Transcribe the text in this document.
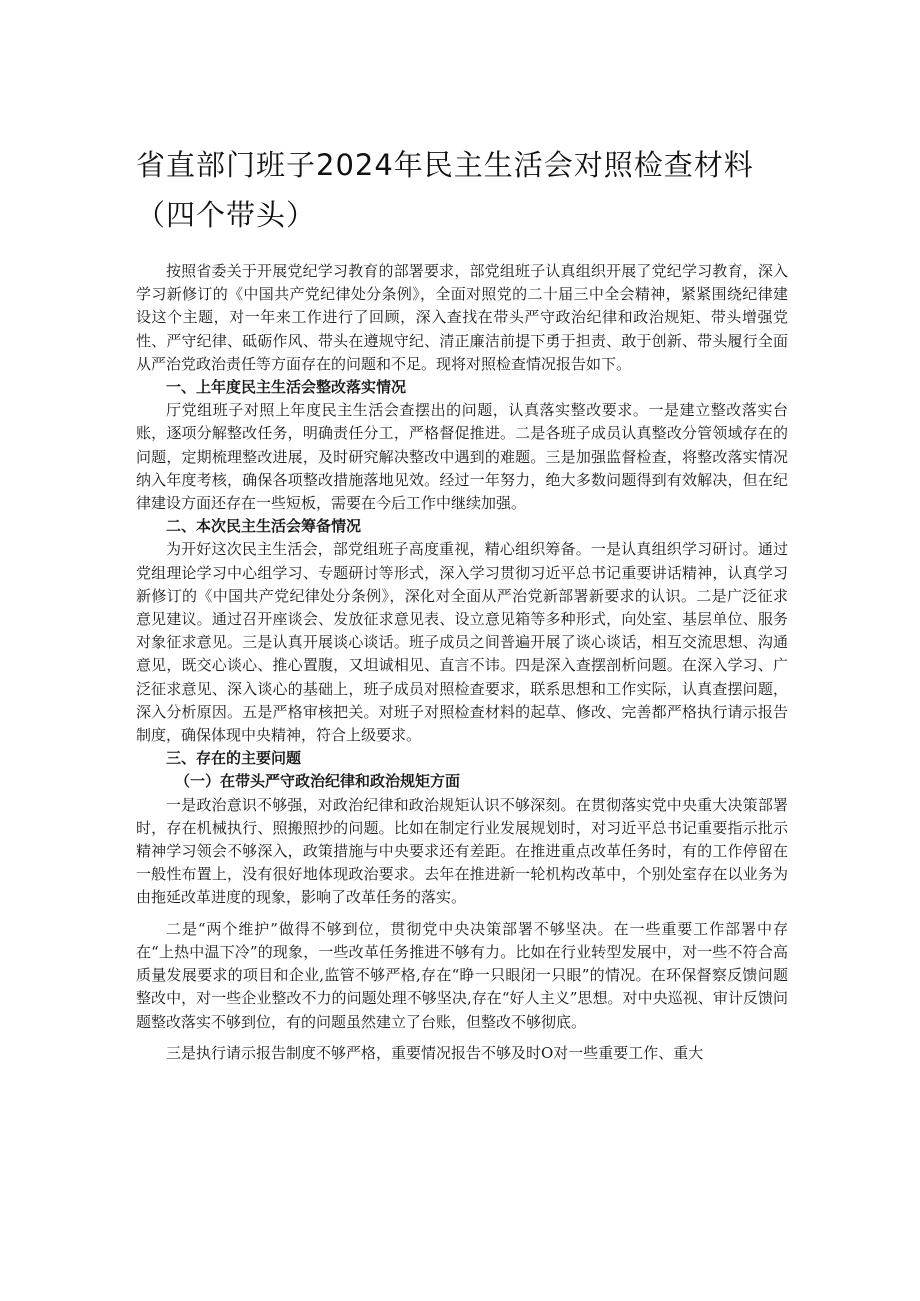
省直部门班子2024年民主生活会对照检查材料（四个带头）

按照省委关于开展党纪学习教育的部署要求，部党组班子认真组织开展了党纪学习教育，深入学习新修订的《中国共产党纪律处分条例》，全面对照党的二十届三中全会精神，紧紧围绕纪律建设这个主题，对一年来工作进行了回顾，深入查找在带头严守政治纪律和政治规矩、带头增强党性、严守纪律、砥砺作风、带头在遵规守纪、清正廉洁前提下勇于担责、敢于创新、带头履行全面从严治党政治责任等方面存在的问题和不足。现将对照检查情况报告如下。

一、上年度民主生活会整改落实情况

厅党组班子对照上年度民主生活会查摆出的问题，认真落实整改要求。一是建立整改落实台账，逐项分解整改任务，明确责任分工，严格督促推进。二是各班子成员认真整改分管领域存在的问题，定期梳理整改进展，及时研究解决整改中遇到的难题。三是加强监督检查，将整改落实情况纳入年度考核，确保各项整改措施落地见效。经过一年努力，绝大多数问题得到有效解决，但在纪律建设方面还存在一些短板，需要在今后工作中继续加强。

二、本次民主生活会筹备情况

为开好这次民主生活会，部党组班子高度重视，精心组织筹备。一是认真组织学习研讨。通过党组理论学习中心组学习、专题研讨等形式，深入学习贯彻习近平总书记重要讲话精神，认真学习新修订的《中国共产党纪律处分条例》，深化对全面从严治党新部署新要求的认识。二是广泛征求意见建议。通过召开座谈会、发放征求意见表、设立意见箱等多种形式，向处室、基层单位、服务对象征求意见。三是认真开展谈心谈话。班子成员之间普遍开展了谈心谈话，相互交流思想、沟通意见，既交心谈心、推心置腹，又坦诚相见、直言不讳。四是深入查摆剖析问题。在深入学习、广泛征求意见、深入谈心的基础上，班子成员对照检查要求，联系思想和工作实际，认真查摆问题，深入分析原因。五是严格审核把关。对班子对照检查材料的起草、修改、完善都严格执行请示报告制度，确保体现中央精神，符合上级要求。

三、存在的主要问题

（一）在带头严守政治纪律和政治规矩方面

一是政治意识不够强，对政治纪律和政治规矩认识不够深刻。在贯彻落实党中央重大决策部署时，存在机械执行、照搬照抄的问题。比如在制定行业发展规划时，对习近平总书记重要指示批示精神学习领会不够深入，政策措施与中央要求还有差距。在推进重点改革任务时，有的工作停留在一般性布置上，没有很好地体现政治要求。去年在推进新一轮机构改革中，个别处室存在以业务为由拖延改革进度的现象，影响了改革任务的落实。

二是“两个维护”做得不够到位，贯彻党中央决策部署不够坚决。在一些重要工作部署中存在“上热中温下冷”的现象，一些改革任务推进不够有力。比如在行业转型发展中，对一些不符合高质量发展要求的项目和企业,监管不够严格,存在“睁一只眼闭一只眼”的情况。在环保督察反馈问题整改中，对一些企业整改不力的问题处理不够坚决,存在“好人主义”思想。对中央巡视、审计反馈问题整改落实不够到位，有的问题虽然建立了台账，但整改不够彻底。

三是执行请示报告制度不够严格，重要情况报告不够及时O对一些重要工作、重大
